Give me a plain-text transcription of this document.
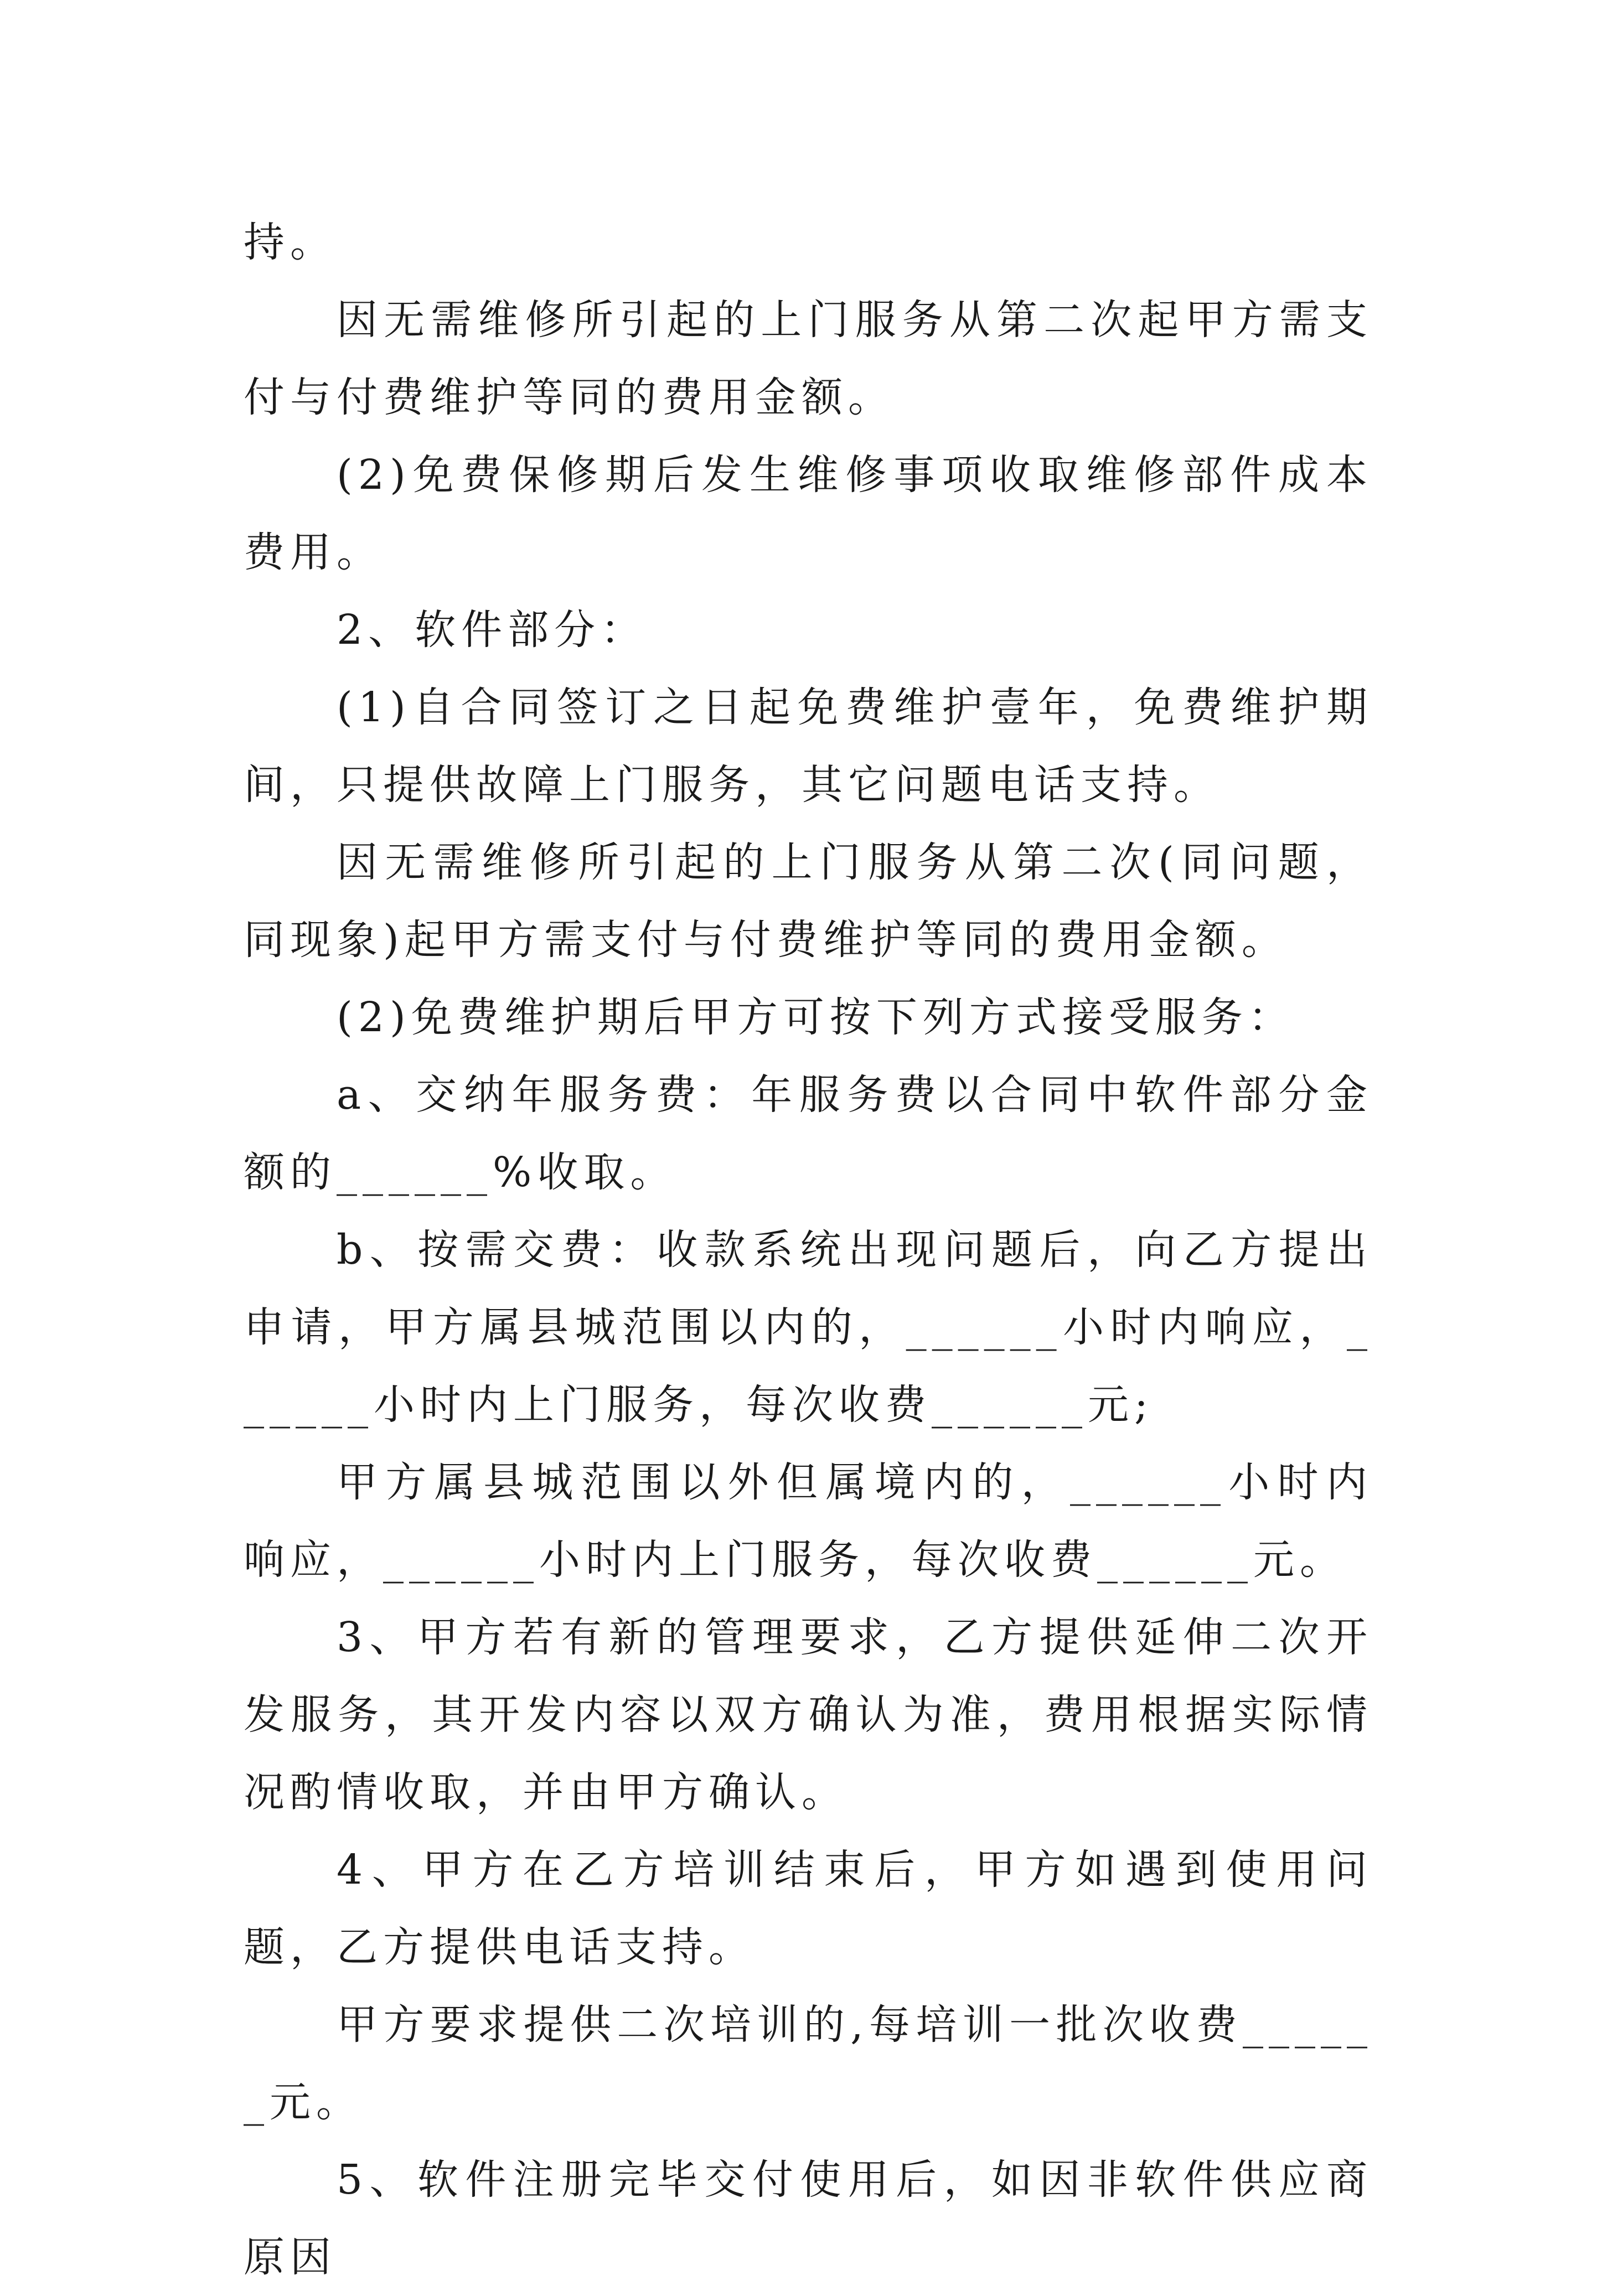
持。

因无需维修所引起的上门服务从第二次起甲方需支付与付费维护等同的费用金额。

(2)免费保修期后发生维修事项收取维修部件成本费用。

2、软件部分：

(1)自合同签订之日起免费维护壹年，免费维护期间，只提供故障上门服务，其它问题电话支持。

因无需维修所引起的上门服务从第二次(同问题，同现象)起甲方需支付与付费维护等同的费用金额。

(2)免费维护期后甲方可按下列方式接受服务：

a、交纳年服务费：年服务费以合同中软件部分金额的______%收取。

b、按需交费：收款系统出现问题后，向乙方提出申请，甲方属县城范围以内的，______小时内响应，______小时内上门服务，每次收费______元;

甲方属县城范围以外但属境内的，______小时内响应，______小时内上门服务，每次收费______元。

3、甲方若有新的管理要求，乙方提供延伸二次开发服务，其开发内容以双方确认为准，费用根据实际情况酌情收取，并由甲方确认。

4、甲方在乙方培训结束后，甲方如遇到使用问题，乙方提供电话支持。

甲方要求提供二次培训的,每培训一批次收费______元。

5、软件注册完毕交付使用后，如因非软件供应商原因
